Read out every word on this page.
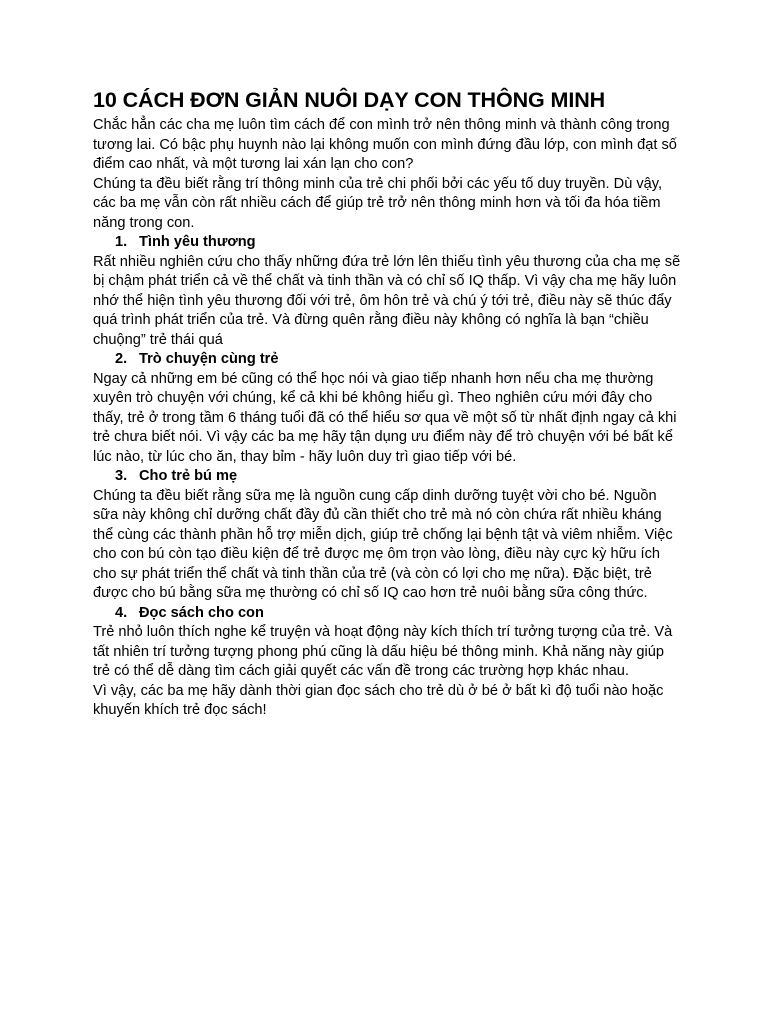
10 CÁCH ĐƠN GIẢN NUÔI DẠY CON THÔNG MINH

Chắc hẳn các cha mẹ luôn tìm cách để con mình trở nên thông minh và thành công trong tương lai. Có bậc phụ huynh nào lại không muốn con mình đứng đầu lớp, con mình đạt số điểm cao nhất, và một tương lai xán lạn cho con?

Chúng ta đều biết rằng trí thông minh của trẻ chi phối bởi các yếu tố duy truyền. Dù vậy, các ba mẹ vẫn còn rất nhiều cách để giúp trẻ trở nên thông minh hơn và tối đa hóa tiềm năng trong con.

1. Tình yêu thương

Rất nhiều nghiên cứu cho thấy những đứa trẻ lớn lên thiếu tình yêu thương của cha mẹ sẽ bị chậm phát triển cả về thể chất và tinh thần và có chỉ số IQ thấp. Vì vậy cha mẹ hãy luôn nhớ thể hiện tình yêu thương đối với trẻ, ôm hôn trẻ và chú ý tới trẻ, điều này sẽ thúc đẩy quá trình phát triển của trẻ. Và đừng quên rằng điều này không có nghĩa là bạn “chiều chuộng” trẻ thái quá

2. Trò chuyện cùng trẻ

Ngay cả những em bé cũng có thể học nói và giao tiếp nhanh hơn nếu cha mẹ thường xuyên trò chuyện với chúng, kể cả khi bé không hiểu gì. Theo nghiên cứu mới đây cho thấy, trẻ ở trong tầm 6 tháng tuổi đã có thể hiểu sơ qua về một số từ nhất định ngay cả khi trẻ chưa biết nói. Vì vậy các ba mẹ hãy tận dụng ưu điểm này để trò chuyện với bé bất kể lúc nào, từ lúc cho ăn, thay bỉm - hãy luôn duy trì giao tiếp với bé.

3. Cho trẻ bú mẹ

Chúng ta đều biết rằng sữa mẹ là nguồn cung cấp dinh dưỡng tuyệt vời cho bé. Nguồn sữa này không chỉ dưỡng chất đầy đủ cần thiết cho trẻ mà nó còn chứa rất nhiều kháng thể cùng các thành phần hỗ trợ miễn dịch, giúp trẻ chống lại bệnh tật và viêm nhiễm. Việc cho con bú còn tạo điều kiện để trẻ được mẹ ôm trọn vào lòng, điều này cực kỳ hữu ích cho sự phát triển thể chất và tinh thần của trẻ (và còn có lợi cho mẹ nữa). Đặc biệt, trẻ được cho bú bằng sữa mẹ thường có chỉ số IQ cao hơn trẻ nuôi bằng sữa công thức.

4. Đọc sách cho con

Trẻ nhỏ luôn thích nghe kể truyện và hoạt động này kích thích trí tưởng tượng của trẻ. Và tất nhiên trí tưởng tượng phong phú cũng là dấu hiệu bé thông minh. Khả năng này giúp trẻ có thể dễ dàng tìm cách giải quyết các vấn đề trong các trường hợp khác nhau.

Vì vậy, các ba mẹ hãy dành thời gian đọc sách cho trẻ dù ở bé ở bất kì độ tuổi nào hoặc khuyến khích trẻ đọc sách!
